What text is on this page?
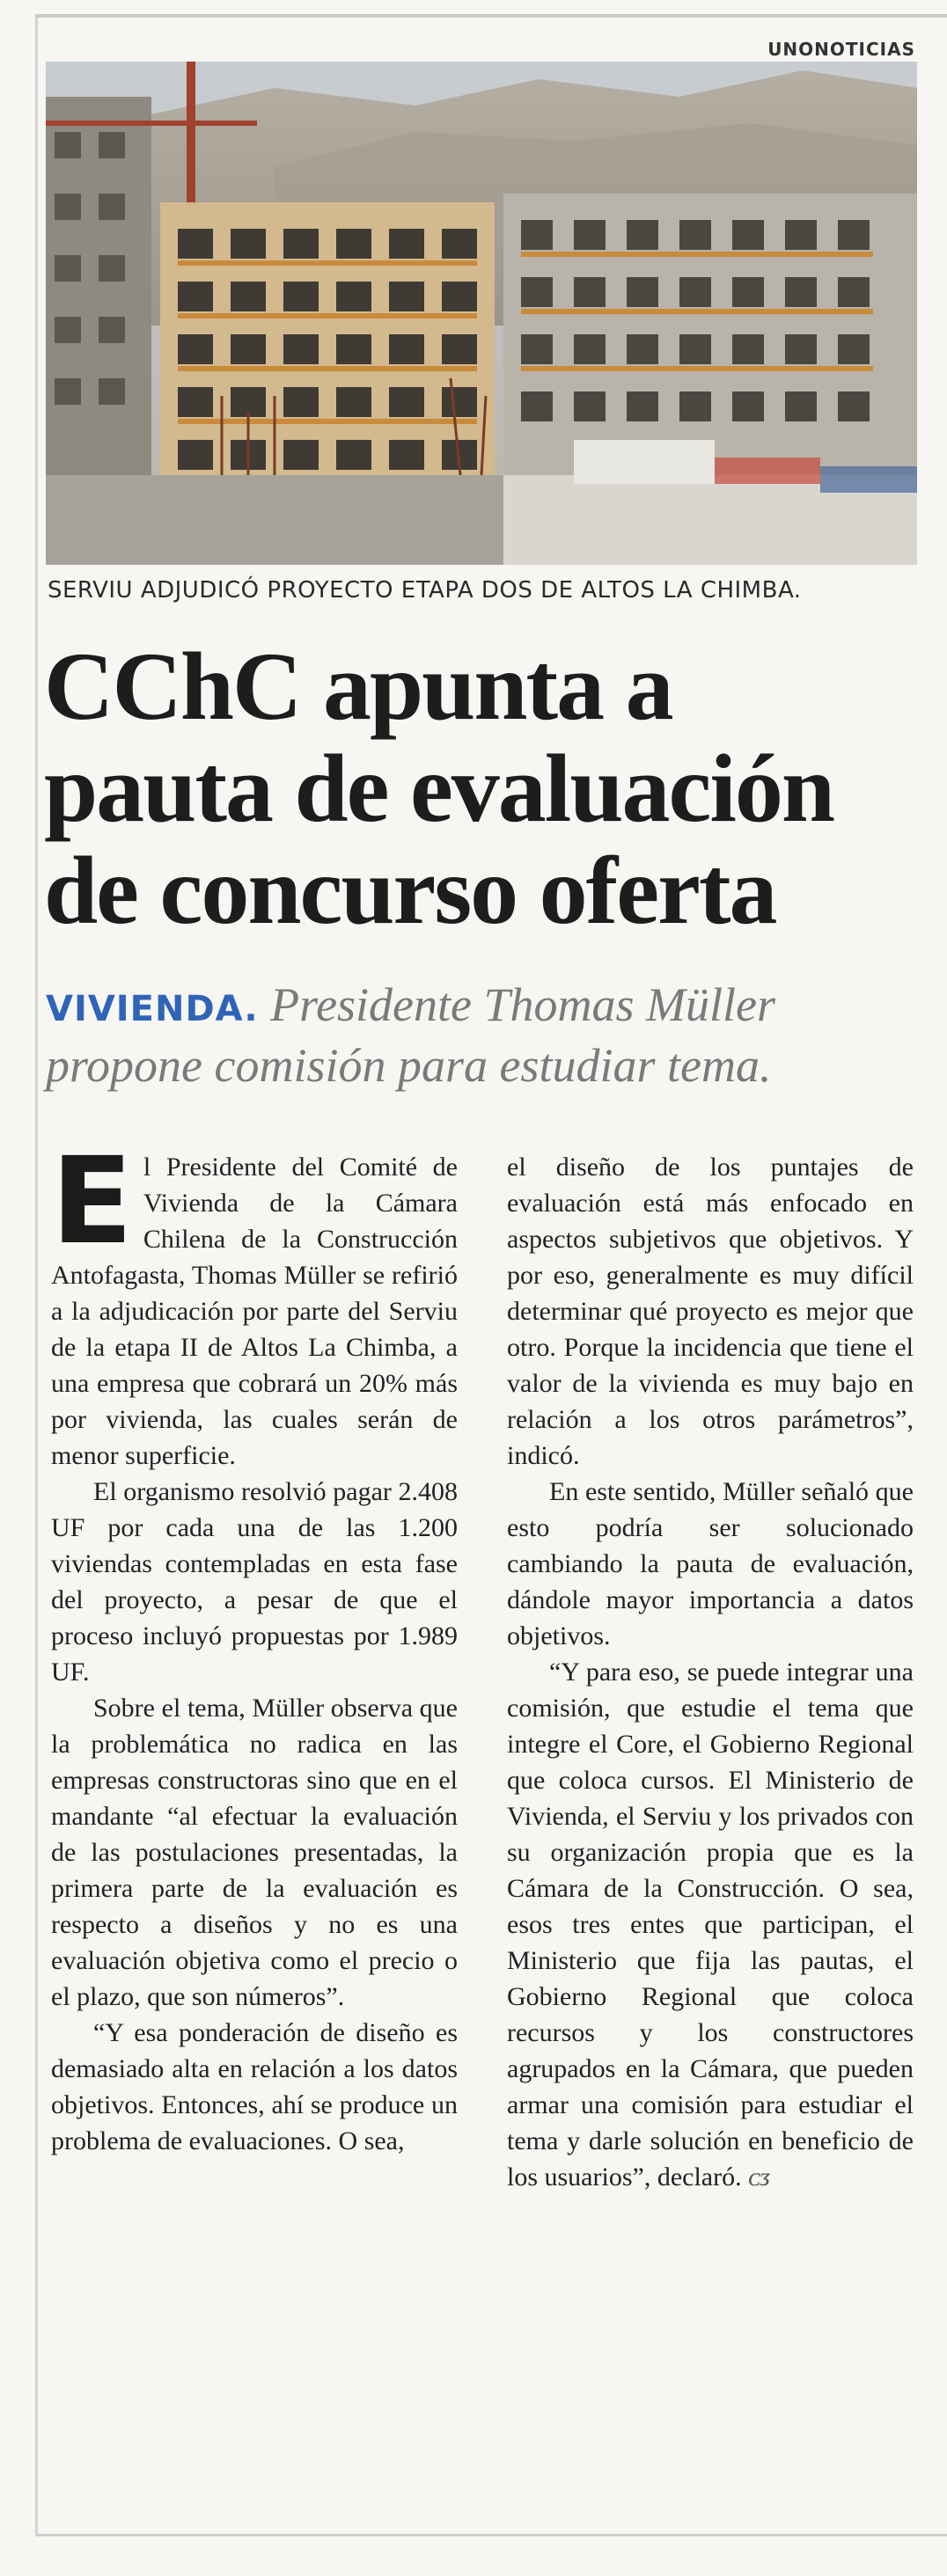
UNONOTICIAS
SERVIU ADJUDICÓ PROYECTO ETAPA DOS DE ALTOS LA CHIMBA.
CChC apunta a
pauta de evaluación
de concurso oferta
VIVIENDA. Presidente Thomas Müller propone comisión para estudiar tema.

El Presidente del Comité de Vivienda de la Cámara Chilena de la Construcción Antofagasta, Thomas Müller se refirió a la adjudicación por parte del Serviu de la etapa II de Altos La Chimba, a una empresa que cobrará un 20% más por vivienda, las cuales serán de menor superficie.

El organismo resolvió pagar 2.408 UF por cada una de las 1.200 viviendas contempladas en esta fase del proyecto, a pesar de que el proceso incluyó propuestas por 1.989 UF.

Sobre el tema, Müller observa que la problemática no radica en las empresas constructoras sino que en el mandante “al efectuar la evaluación de las postulaciones presentadas, la primera parte de la evaluación es respecto a diseños y no es una evaluación objetiva como el precio o el plazo, que son números”.

“Y esa ponderación de diseño es demasiado alta en relación a los datos objetivos. Entonces, ahí se produce un problema de evaluaciones. O sea,

el diseño de los puntajes de evaluación está más enfocado en aspectos subjetivos que objetivos. Y por eso, generalmente es muy difícil determinar qué proyecto es mejor que otro. Porque la incidencia que tiene el valor de la vivienda es muy bajo en relación a los otros parámetros”, indicó.

En este sentido, Müller señaló que esto podría ser solucionado cambiando la pauta de evaluación, dándole mayor importancia a datos objetivos.

“Y para eso, se puede integrar una comisión, que estudie el tema que integre el Core, el Gobierno Regional que coloca cursos. El Ministerio de Vivienda, el Serviu y los privados con su organización propia que es la Cámara de la Construcción. O sea, esos tres entes que participan, el Ministerio que fija las pautas, el Gobierno Regional que coloca recursos y los constructores agrupados en la Cámara, que pueden armar una comisión para estudiar el tema y darle solución en beneficio de los usuarios”, declaró. ᴄᴣ
